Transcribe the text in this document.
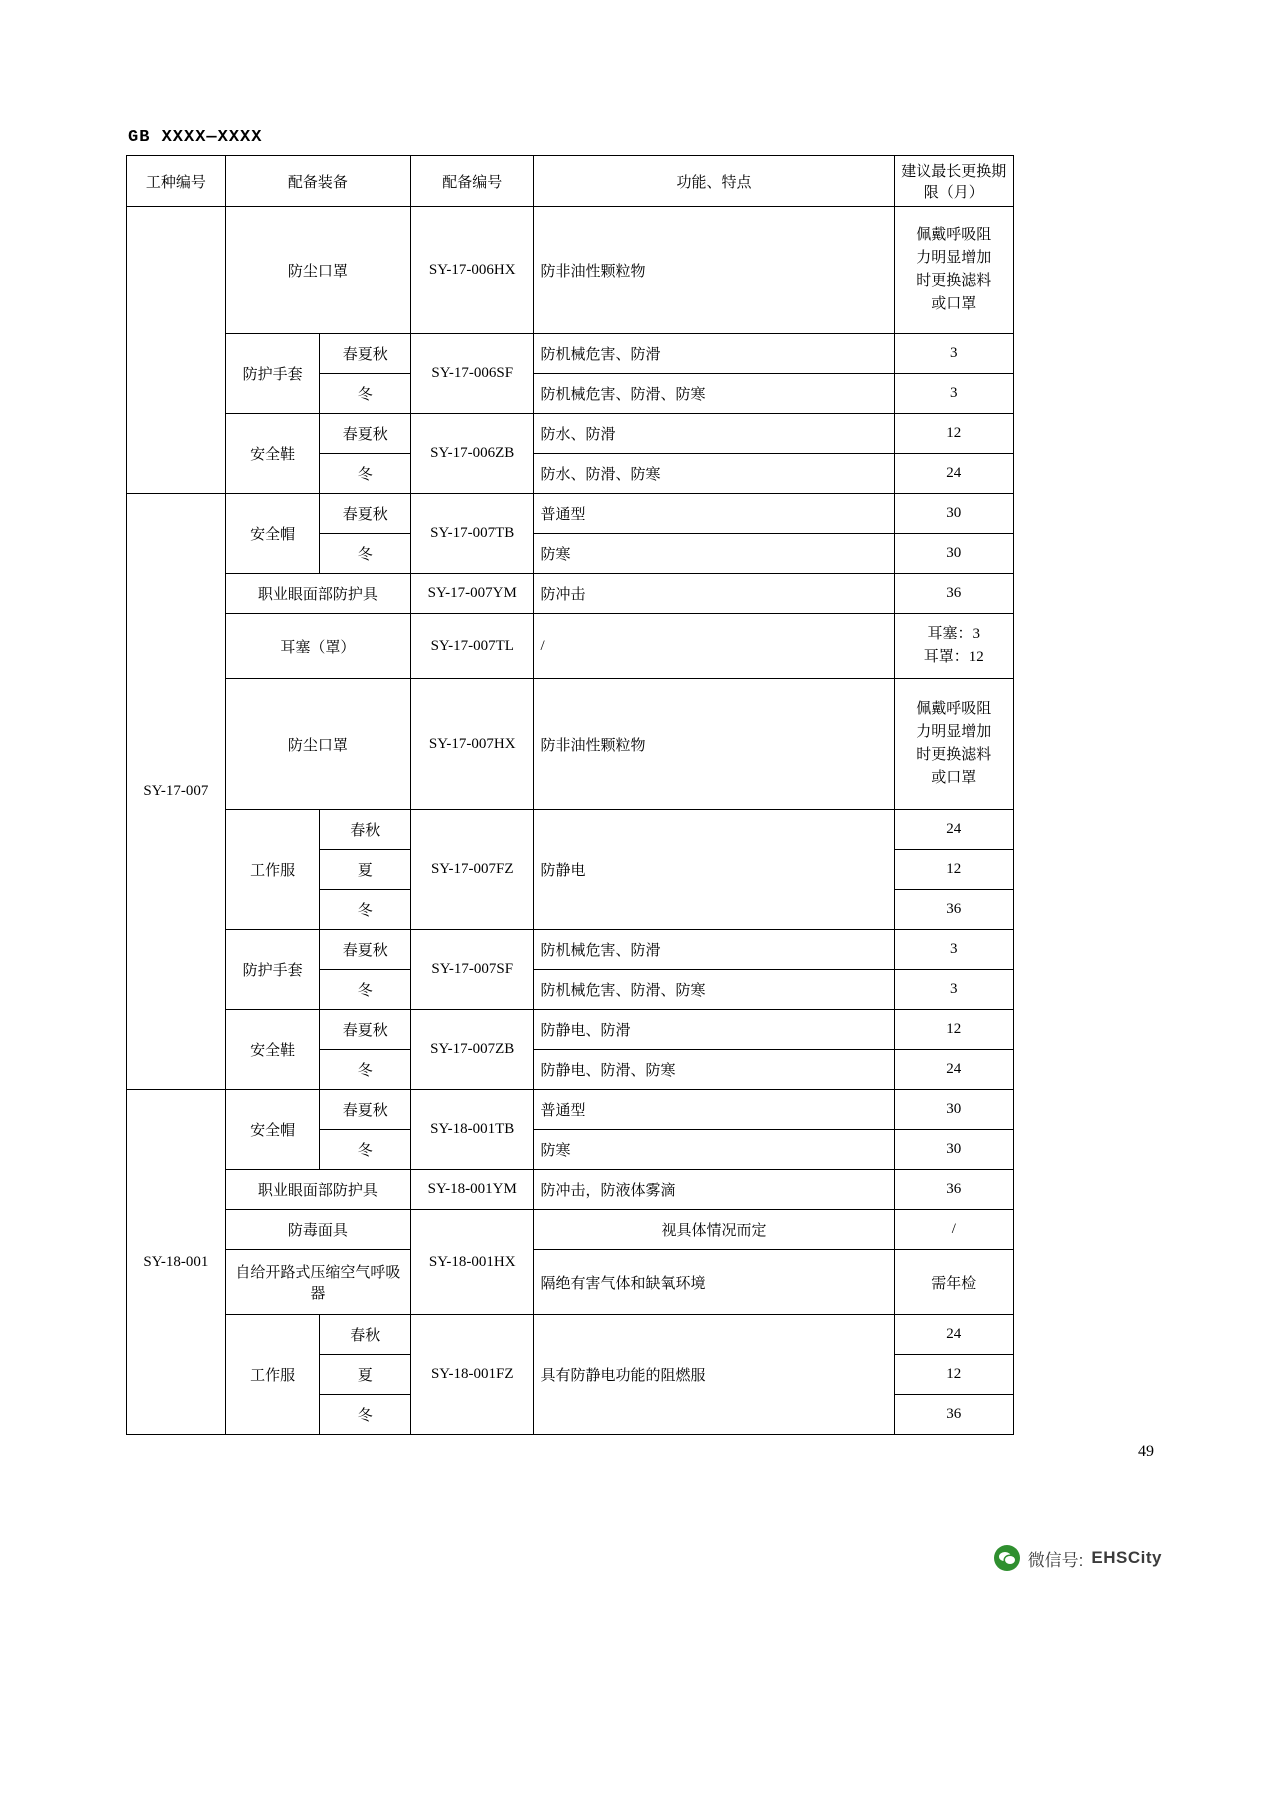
GB XXXX—XXXX
工种编号	配备装备		配备编号	功能、特点	建议最长更换期限（月）
	防尘口罩		SY-17-006HX	防非油性颗粒物	佩戴呼吸阻
力明显增加
时更换滤料
或口罩
	防护手套	春夏秋	SY-17-006SF	防机械危害、防滑	3
		冬		防机械危害、防滑、防寒	3
	安全鞋	春夏秋	SY-17-006ZB	防水、防滑	12
		冬		防水、防滑、防寒	24
SY-17-007	安全帽	春夏秋	SY-17-007TB	普通型	30
		冬		防寒	30
	职业眼面部防护具		SY-17-007YM	防冲击	36
	耳塞（罩）		SY-17-007TL	/	耳塞：3
耳罩：12
	防尘口罩		SY-17-007HX	防非油性颗粒物	佩戴呼吸阻
力明显增加
时更换滤料
或口罩
	工作服	春秋	SY-17-007FZ	防静电	24
		夏			12
		冬			36
	防护手套	春夏秋	SY-17-007SF	防机械危害、防滑	3
		冬		防机械危害、防滑、防寒	3
	安全鞋	春夏秋	SY-17-007ZB	防静电、防滑	12
		冬		防静电、防滑、防寒	24
SY-18-001	安全帽	春夏秋	SY-18-001TB	普通型	30
		冬		防寒	30
	职业眼面部防护具		SY-18-001YM	防冲击，防液体雾滴	36
	防毒面具		SY-18-001HX	视具体情况而定	/
	自给开路式压缩空气呼吸器			隔绝有害气体和缺氧环境	需年检
	工作服	春秋	SY-18-001FZ	具有防静电功能的阻燃服	24
		夏			12
		冬			36
49
微信号: EHSCity
